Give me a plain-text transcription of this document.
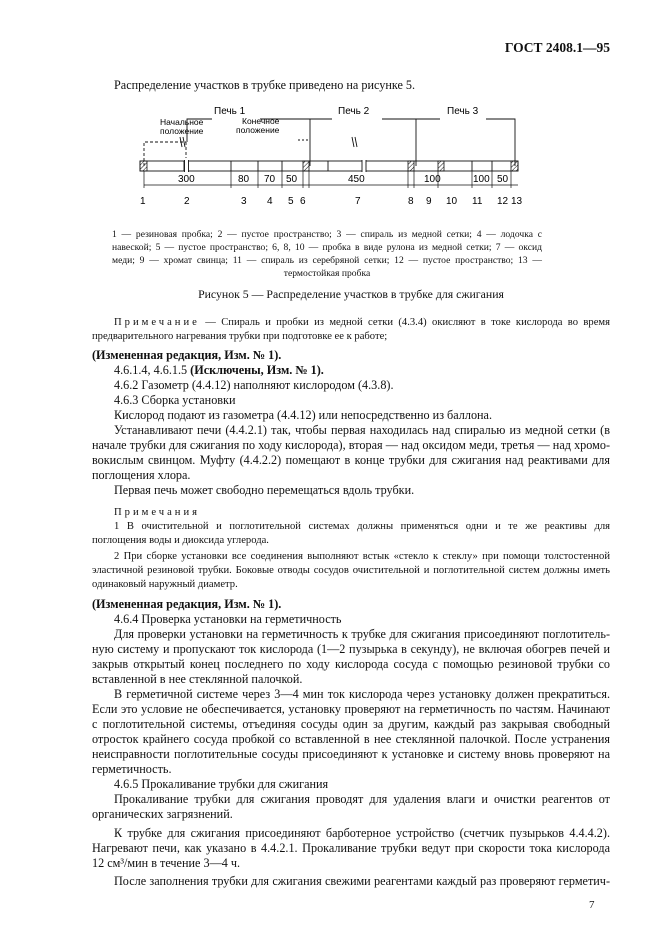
ГОСТ 2408.1—95
Распределение участков в трубке приведено на рисунке 5.
Печь 1	Печь 2	Печь 3
Начальное
положение
Конечное
положение
300	80 70 50	450	100	100 50
1	2	3 4 5 6	7	8 9 10 11 12 13
1 — резиновая пробка; 2 — пустое пространство; 3 — спираль из медной сетки; 4 — лодочка с
навеской; 5 — пустое пространство; 6, 8, 10 — пробка в виде рулона из медной сетки; 7 — оксид
меди; 9 — хромат свинца; 11 — спираль из серебряной сетки; 12 — пустое пространство; 13 —
термостойкая пробка
Рисунок 5 — Распределение участков в трубке для сжигания
Примечание — Спираль и пробки из медной сетки (4.3.4) окисляют в токе кислорода во время
предварительного нагревания трубки при подготовке ее к работе;
(Измененная редакция, Изм. № 1).
4.6.1.4, 4.6.1.5 (Исключены, Изм. № 1).
4.6.2 Газометр (4.4.12) наполняют кислородом (4.3.8).
4.6.3 Сборка установки
Кислород подают из газометра (4.4.12) или непосредственно из баллона.
Устанавливают печи (4.4.2.1) так, чтобы первая находилась над спиралью из медной сетки (в
начале трубки для сжигания по ходу кислорода), вторая — над оксидом меди, третья — над хромо-
вокислым свинцом. Муфту (4.4.2.2) помещают в конце трубки для сжигания над реактивами для
поглощения хлора.
Первая печь может свободно перемещаться вдоль трубки.
Примечания
1 В очистительной и поглотительной системах должны применяться одни и те же реактивы для
поглощения воды и диоксида углерода.
2 При сборке установки все соединения выполняют встык «стекло к стеклу» при помощи толстостенной
эластичной резиновой трубки. Боковые отводы сосудов очистительной и поглотительной систем должны иметь
одинаковый наружный диаметр.
(Измененная редакция, Изм. № 1).
4.6.4 Проверка установки на герметичность
Для проверки установки на герметичность к трубке для сжигания присоединяют поглотитель-
ную систему и пропускают ток кислорода (1—2 пузырька в секунду), не включая обогрев печей и
закрыв открытый конец последнего по ходу кислорода сосуда с помощью резиновой трубки со
вставленной в нее стеклянной палочкой.
В герметичной системе через 3—4 мин ток кислорода через установку должен прекратиться.
Если это условие не обеспечивается, установку проверяют на герметичность по частям. Начинают
с поглотительной системы, отъединяя сосуды один за другим, каждый раз закрывая свободный
отросток крайнего сосуда пробкой со вставленной в нее стеклянной палочкой. После устранения
неисправности поглотительные сосуды присоединяют к установке и систему вновь проверяют на
герметичность.
4.6.5 Прокаливание трубки для сжигания
Прокаливание трубки для сжигания проводят для удаления влаги и очистки реагентов от
органических загрязнений.
К трубке для сжигания присоединяют барботерное устройство (счетчик пузырьков 4.4.4.2).
Нагревают печи, как указано в 4.4.2.1. Прокаливание трубки ведут при скорости тока кислорода
12 см³/мин в течение 3—4 ч.
После заполнения трубки для сжигания свежими реагентами каждый раз проверяют герметич-
7
